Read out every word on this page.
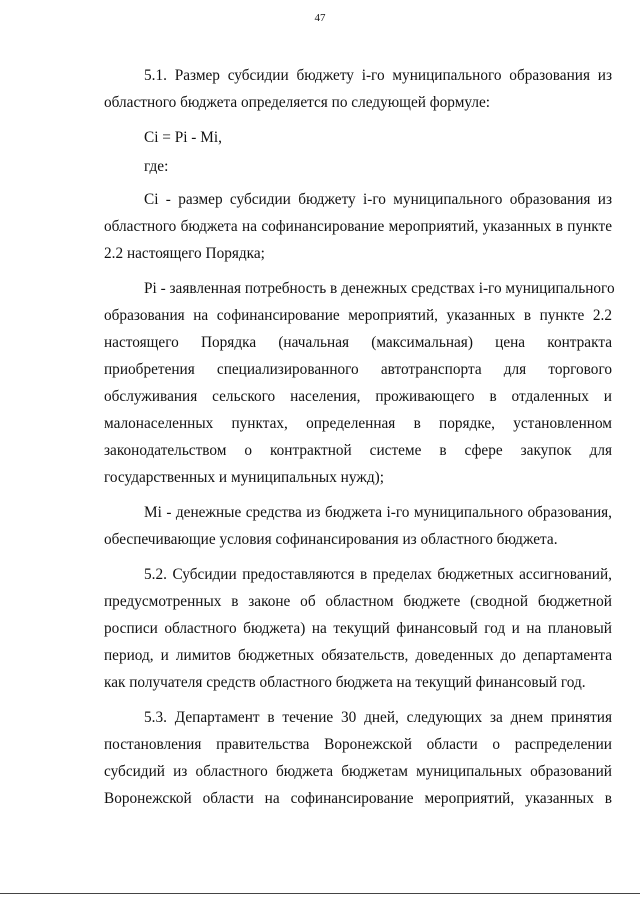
47
5.1. Размер субсидии бюджету i-го муниципального образования из
областного бюджета определяется по следующей формуле:
Ci = Pi - Mi,
где:
Ci - размер субсидии бюджету i-го муниципального образования из
областного бюджета на софинансирование мероприятий, указанных в пункте
2.2 настоящего Порядка;
Pi - заявленная потребность в денежных средствах i-го муниципального
образования на софинансирование мероприятий, указанных в пункте 2.2
настоящего Порядка (начальная (максимальная) цена контракта
приобретения специализированного автотранспорта для торгового
обслуживания сельского населения, проживающего в отдаленных и
малонаселенных пунктах, определенная в порядке, установленном
законодательством о контрактной системе в сфере закупок для
государственных и муниципальных нужд);
Mi - денежные средства из бюджета i-го муниципального образования,
обеспечивающие условия софинансирования из областного бюджета.
5.2. Субсидии предоставляются в пределах бюджетных ассигнований,
предусмотренных в законе об областном бюджете (сводной бюджетной
росписи областного бюджета) на текущий финансовый год и на плановый
период, и лимитов бюджетных обязательств, доведенных до департамента
как получателя средств областного бюджета на текущий финансовый год.
5.3. Департамент в течение 30 дней, следующих за днем принятия
постановления правительства Воронежской области о распределении
субсидий из областного бюджета бюджетам муниципальных образований
Воронежской области на софинансирование мероприятий, указанных в
